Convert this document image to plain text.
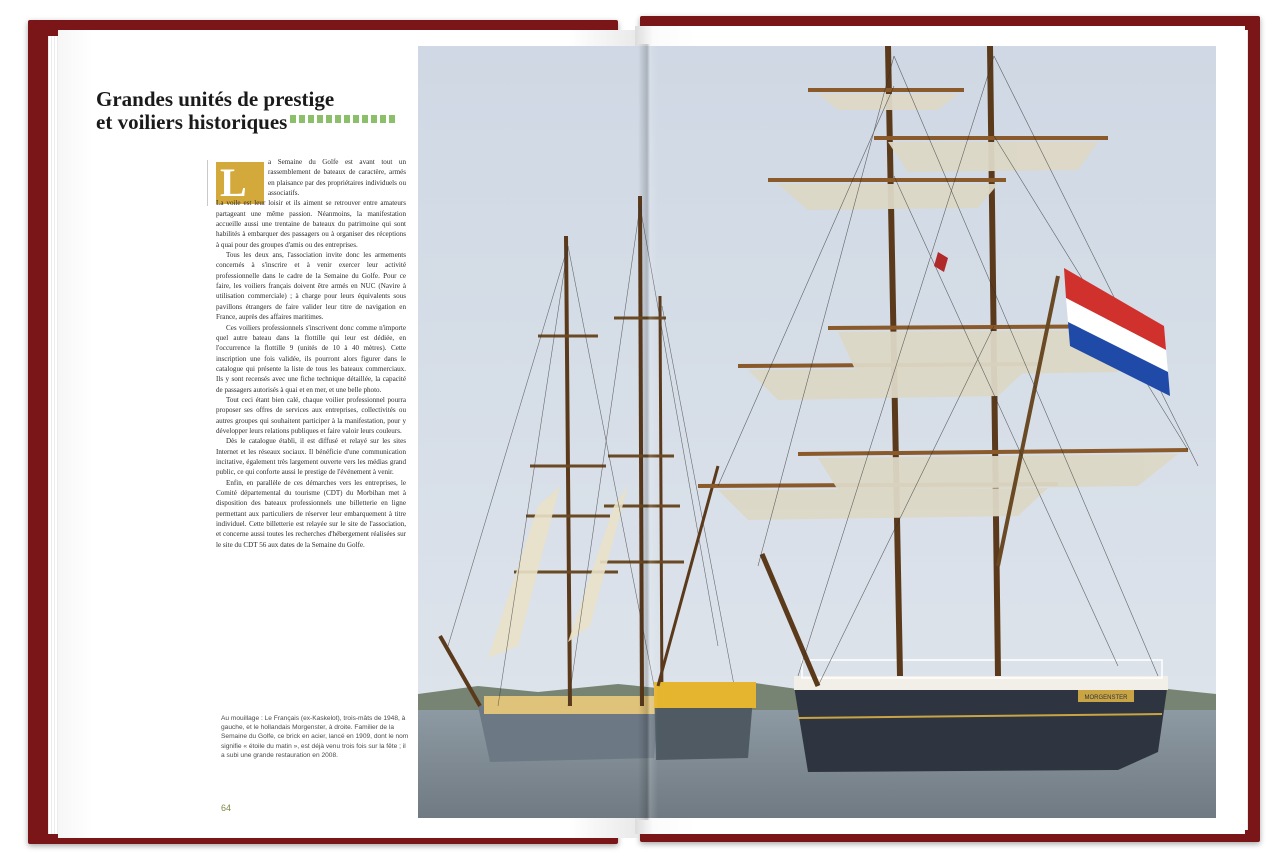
Grandes unités de prestige
et voiliers historiques
L	a Semaine du Golfe est avant tout un rassemblement de bateaux de caractère, armés en plaisance par des propriétaires individuels ou associatifs.
La voile est leur loisir et ils aiment se retrouver entre amateurs partageant une même passion. Néanmoins, la manifestation accueille aussi une trentaine de bateaux du patrimoine qui sont habilités à embarquer des passagers ou à organiser des réceptions à quai pour des groupes d'amis ou des entreprises.

Tous les deux ans, l'association invite donc les armements concernés à s'inscrire et à venir exercer leur activité professionnelle dans le cadre de la Semaine du Golfe. Pour ce faire, les voiliers français doivent être armés en NUC (Navire à utilisation commerciale) ; à charge pour leurs équivalents sous pavillons étrangers de faire valider leur titre de navigation en France, auprès des affaires maritimes.

Ces voiliers professionnels s'inscrivent donc comme n'importe quel autre bateau dans la flottille qui leur est dédiée, en l'occurrence la flottille 9 (unités de 10 à 40 mètres). Cette inscription une fois validée, ils pourront alors figurer dans le catalogue qui présente la liste de tous les bateaux commerciaux. Ils y sont recensés avec une fiche technique détaillée, la capacité de passagers autorisés à quai et en mer, et une belle photo.

Tout ceci étant bien calé, chaque voilier professionnel pourra proposer ses offres de services aux entreprises, collectivités ou autres groupes qui souhaitent participer à la manifestation, pour y développer leurs relations publiques et faire valoir leurs couleurs.

Dès le catalogue établi, il est diffusé et relayé sur les sites Internet et les réseaux sociaux. Il bénéficie d'une communication incitative, également très largement ouverte vers les médias grand public, ce qui conforte aussi le prestige de l'événement à venir.

Enfin, en parallèle de ces démarches vers les entreprises, le Comité départemental du tourisme (CDT) du Morbihan met à disposition des bateaux professionnels une billetterie en ligne permettant aux particuliers de réserver leur embarquement à titre individuel. Cette billetterie est relayée sur le site de l'association, et concerne aussi toutes les recherches d'hébergement réalisées sur le site du CDT 56 aux dates de la Semaine du Golfe.

Au mouillage : Le Français (ex-Kaskelot), trois-mâts de 1948, à gauche, et le hollandais Morgenster, à droite. Familier de la Semaine du Golfe, ce brick en acier, lancé en 1909, dont le nom signifie « étoile du matin », est déjà venu trois fois sur la fête ; il a subi une grande restauration en 2008.
64
MORGENSTER
